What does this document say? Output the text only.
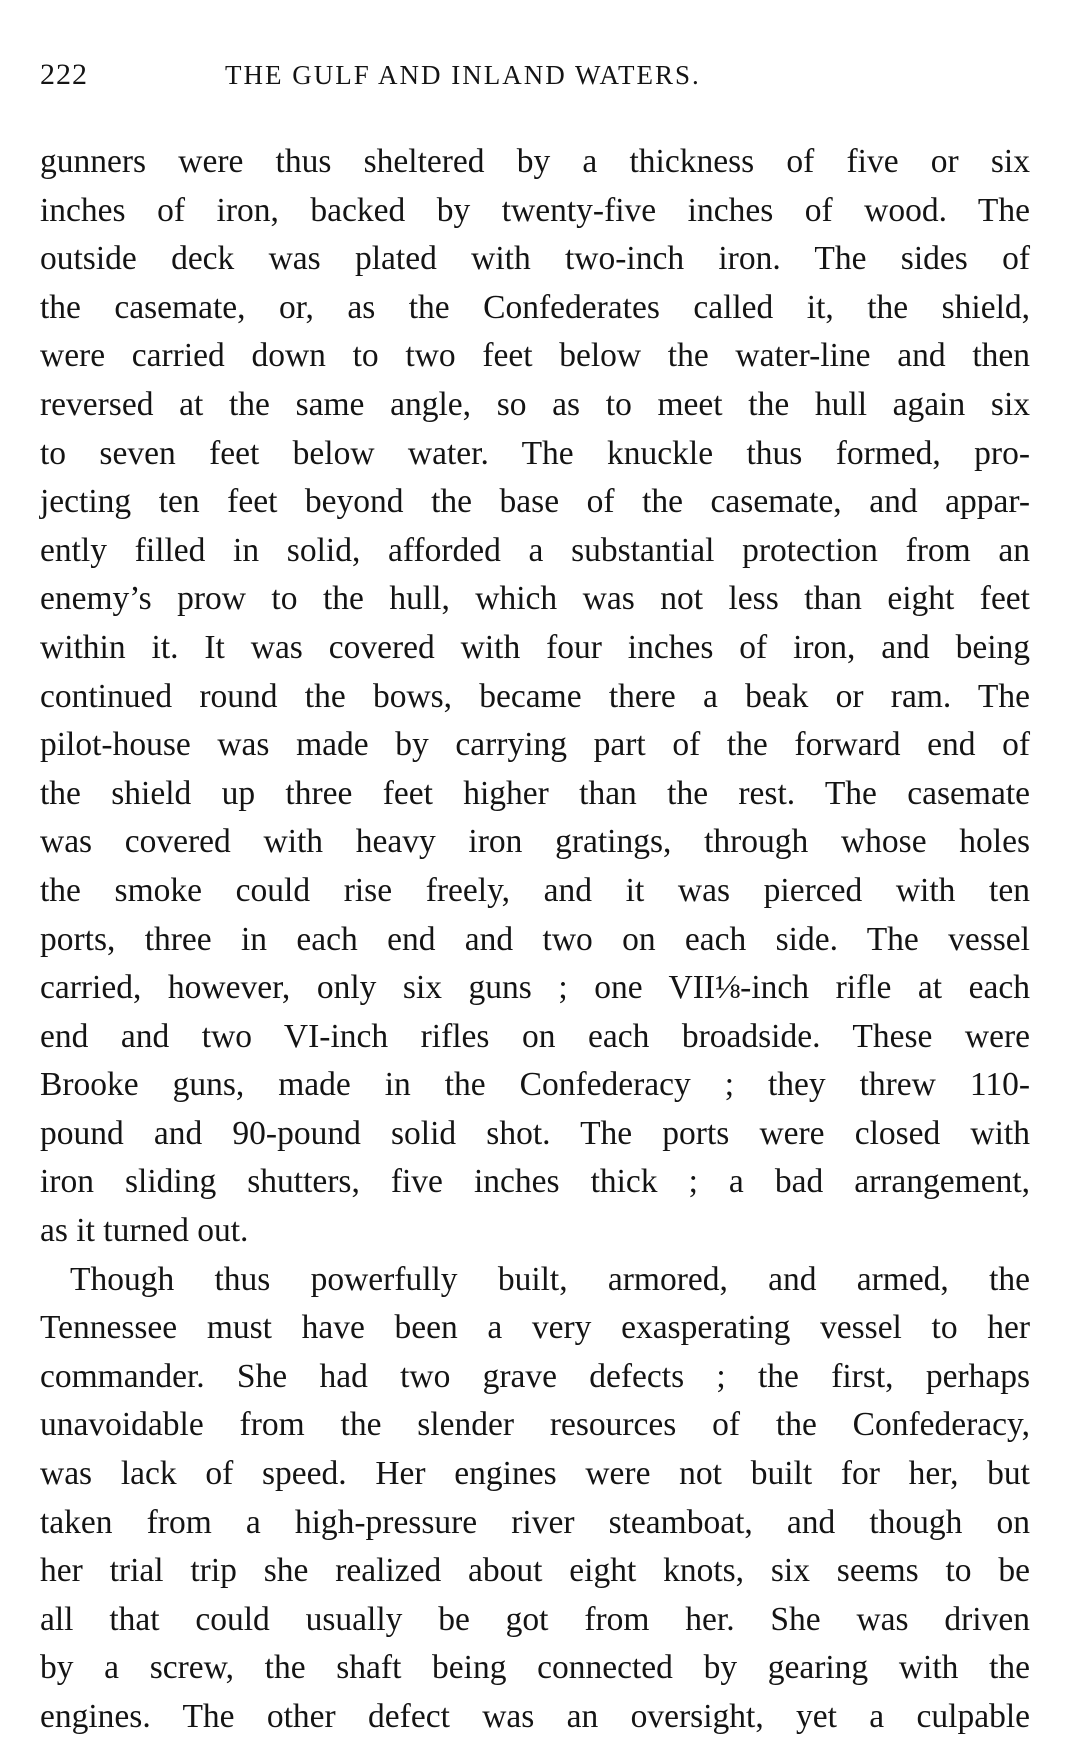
222	THE GULF AND INLAND WATERS.
gunners were thus sheltered by a thickness of five or six
inches of iron, backed by twenty-five inches of wood. The
outside deck was plated with two-inch iron. The sides of
the casemate, or, as the Confederates called it, the shield,
were carried down to two feet below the water-line and then
reversed at the same angle, so as to meet the hull again six
to seven feet below water. The knuckle thus formed, pro-
jecting ten feet beyond the base of the casemate, and appar-
ently filled in solid, afforded a substantial protection from an
enemy’s prow to the hull, which was not less than eight feet
within it. It was covered with four inches of iron, and being
continued round the bows, became there a beak or ram. The
pilot-house was made by carrying part of the forward end of
the shield up three feet higher than the rest. The casemate
was covered with heavy iron gratings, through whose holes
the smoke could rise freely, and it was pierced with ten
ports, three in each end and two on each side. The vessel
carried, however, only six guns ; one VII⅛-inch rifle at each
end and two VI-inch rifles on each broadside. These were
Brooke guns, made in the Confederacy ; they threw 110-
pound and 90-pound solid shot. The ports were closed with
iron sliding shutters, five inches thick ; a bad arrangement,
as it turned out.
Though thus powerfully built, armored, and armed, the
Tennessee must have been a very exasperating vessel to her
commander. She had two grave defects ; the first, perhaps
unavoidable from the slender resources of the Confederacy,
was lack of speed. Her engines were not built for her, but
taken from a high-pressure river steamboat, and though on
her trial trip she realized about eight knots, six seems to be
all that could usually be got from her. She was driven
by a screw, the shaft being connected by gearing with the
engines. The other defect was an oversight, yet a culpable
